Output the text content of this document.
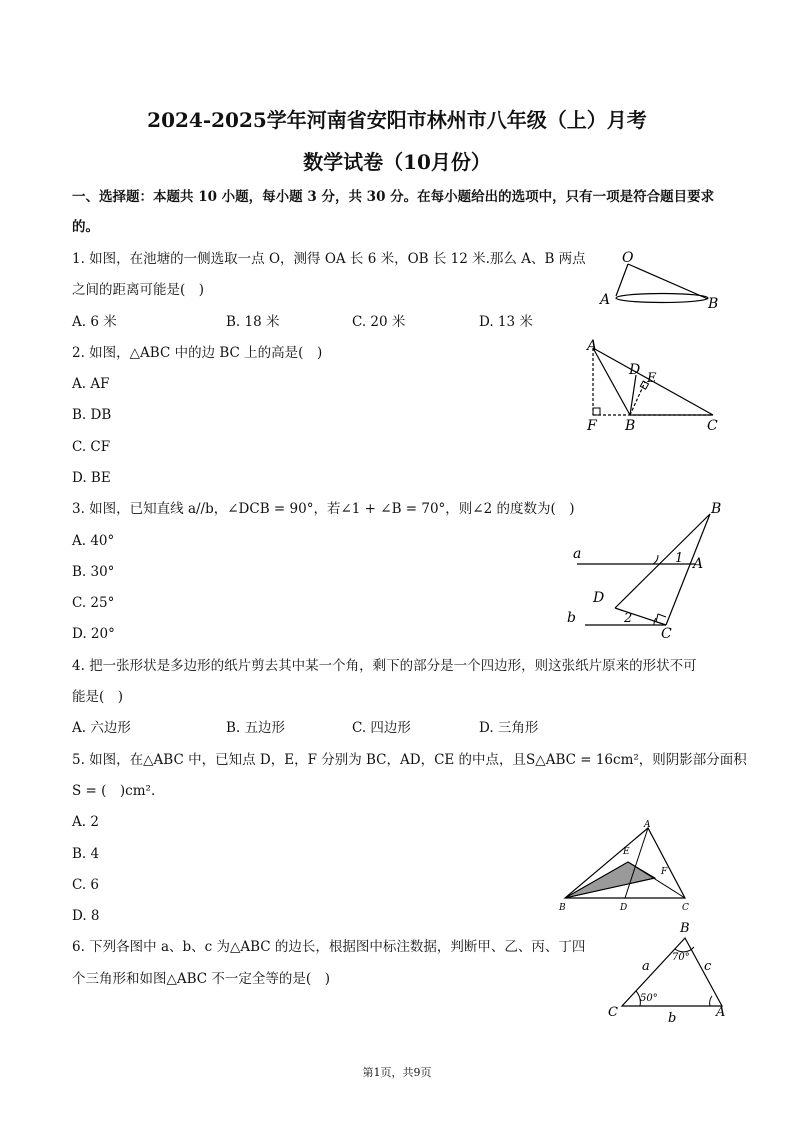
2024-2025学年河南省安阳市林州市八年级（上）月考

数学试卷（10月份）

一、选择题：本题共 10 小题，每小题 3 分，共 30 分。在每小题给出的选项中，只有一项是符合题目要求

的。

1. 如图，在池塘的一侧选取一点 O，测得 OA 长 6 米，OB 长 12 米.那么 A、B 两点

之间的距离可能是(　)

A. 6 米	B. 18 米	C. 20 米	D. 13 米

2. 如图，△ABC 中的边 BC 上的高是(　)

A. AF

B. DB

C. CF

D. BE

3. 如图，已知直线 a//b，∠DCB = 90°，若∠1 + ∠B = 70°，则∠2 的度数为(　)

A. 40°

B. 30°

C. 25°

D. 20°

4. 把一张形状是多边形的纸片剪去其中某一个角，剩下的部分是一个四边形，则这张纸片原来的形状不可

能是(　)

A. 六边形	B. 五边形	C. 四边形	D. 三角形

5. 如图，在△ABC 中，已知点 D，E，F 分别为 BC，AD，CE 的中点，且S△ABC = 16cm²，则阴影部分面积

S = (　)cm².

A. 2

B. 4

C. 6

D. 8

6. 下列各图中 a、b、c 为△ABC 的边长，根据图中标注数据，判断甲、乙、丙、丁四

个三角形和如图△ABC 不一定全等的是(　)

O
A	B
A
D
E
F B	C
B
a	1 A
D
b	2
C
A
E
F
B	D	C
B
a
70°
c
50°
C	b	A

第1页，共9页
